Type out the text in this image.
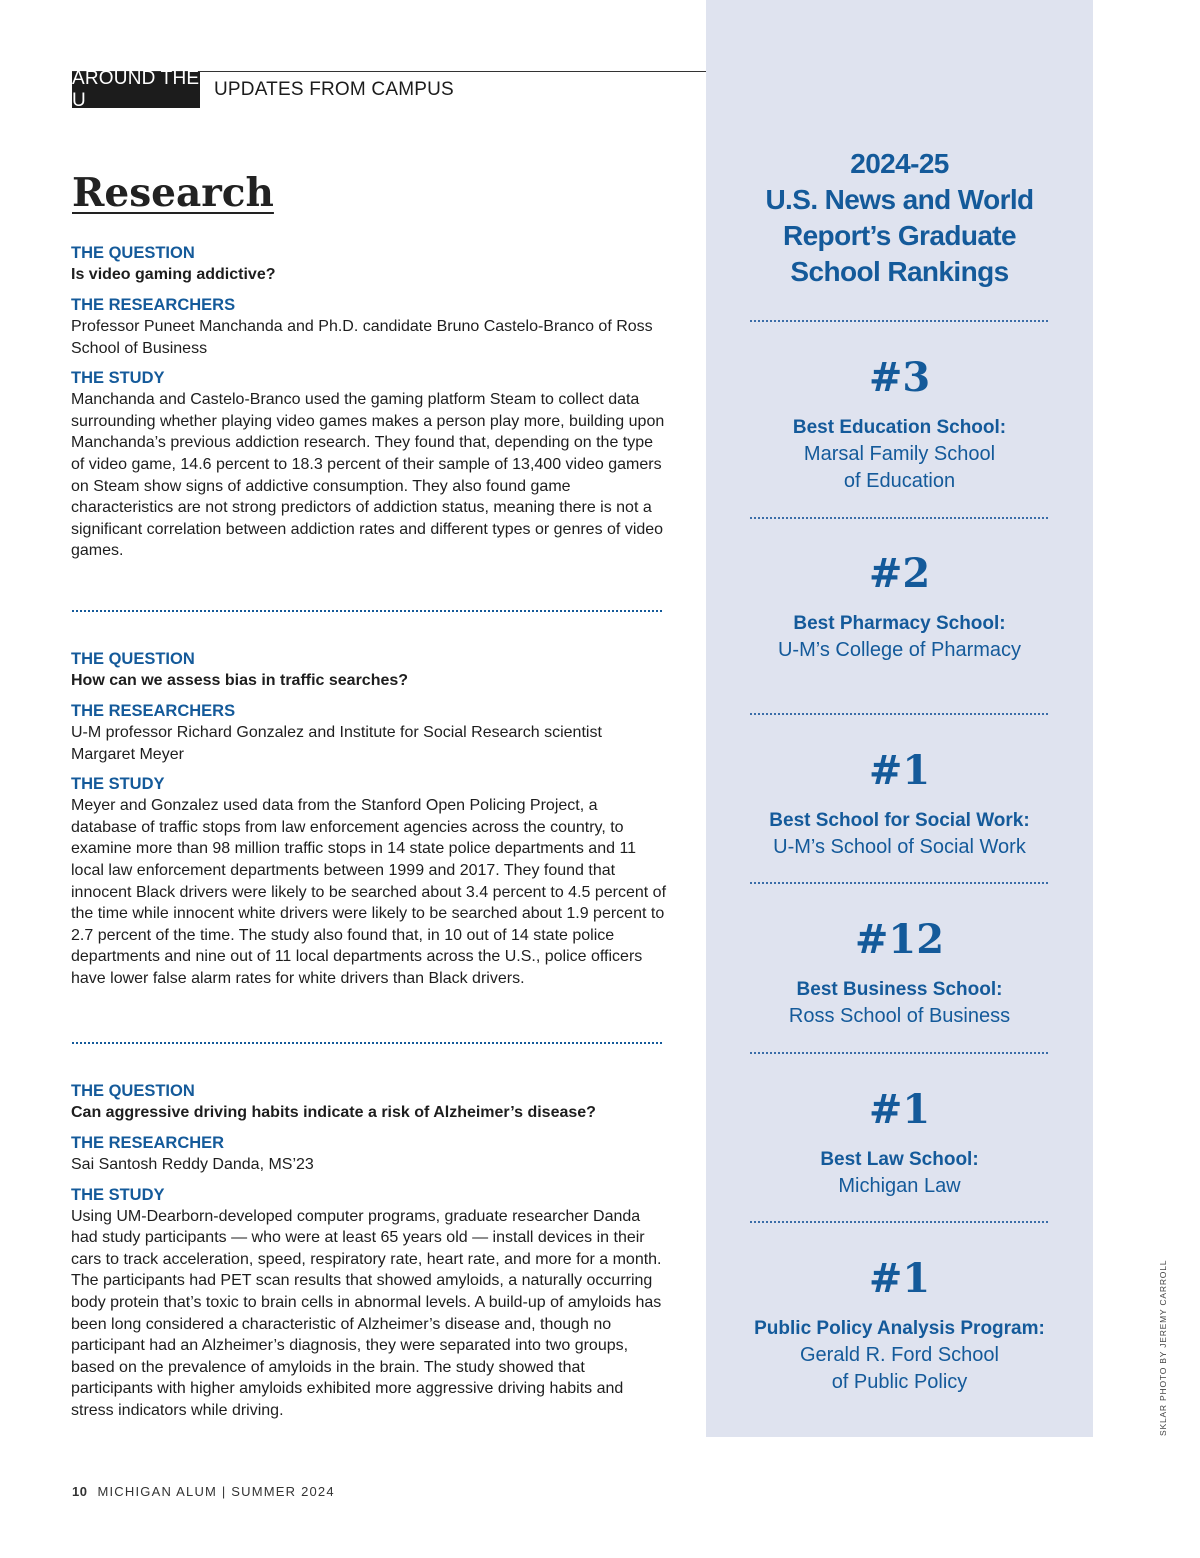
AROUND THE U
UPDATES FROM CAMPUS
Research

THE QUESTION

Is video gaming addictive?

THE RESEARCHERS

Professor Puneet Manchanda and Ph.D. candidate Bruno Castelo-Branco of Ross School of Business

THE STUDY

Manchanda and Castelo-Branco used the gaming platform Steam to collect data surrounding whether playing video games makes a person play more, building upon Manchanda’s previous addiction research. They found that, depending on the type of video game, 14.6 percent to 18.3 percent of their sample of 13,400 video gamers on Steam show signs of addictive consumption. They also found game characteristics are not strong predictors of addiction status, meaning there is not a significant correlation between addiction rates and different types or genres of video games.

THE QUESTION

How can we assess bias in traffic searches?

THE RESEARCHERS

U-M professor Richard Gonzalez and Institute for Social Research scientist Margaret Meyer

THE STUDY

Meyer and Gonzalez used data from the Stanford Open Policing Project, a database of traffic stops from law enforcement agencies across the country, to examine more than 98 million traffic stops in 14 state police departments and 11 local law enforcement departments between 1999 and 2017. They found that innocent Black drivers were likely to be searched about 3.4 percent to 4.5 percent of the time while innocent white drivers were likely to be searched about 1.9 percent to 2.7 percent of the time. The study also found that, in 10 out of 14 state police departments and nine out of 11 local departments across the U.S., police officers have lower false alarm rates for white drivers than Black drivers.

THE QUESTION

Can aggressive driving habits indicate a risk of Alzheimer’s disease?

THE RESEARCHER

Sai Santosh Reddy Danda, MS’23

THE STUDY

Using UM-Dearborn-developed computer programs, graduate researcher Danda had study participants — who were at least 65 years old — install devices in their cars to track acceleration, speed, respiratory rate, heart rate, and more for a month. The participants had PET scan results that showed amyloids, a naturally occurring body protein that’s toxic to brain cells in abnormal levels. A build-up of amyloids has been long considered a characteristic of Alzheimer’s disease and, though no participant had an Alzheimer’s diagnosis, they were separated into two groups, based on the prevalence of amyloids in the brain. The study showed that participants with higher amyloids exhibited more aggressive driving habits and stress indicators while driving.

2024-25
U.S. News and World
Report’s Graduate
School Rankings

#3

Best Education School:

Marsal Family School

of Education

#2

Best Pharmacy School:

U-M’s College of Pharmacy

#1

Best School for Social Work:

U-M’s School of Social Work

#12

Best Business School:

Ross School of Business

#1

Best Law School:

Michigan Law

#1

Public Policy Analysis Program:

Gerald R. Ford School

of Public Policy	SKLAR PHOTO BY JEREMY CARROLL
10 MICHIGAN ALUM | SUMMER 2024
